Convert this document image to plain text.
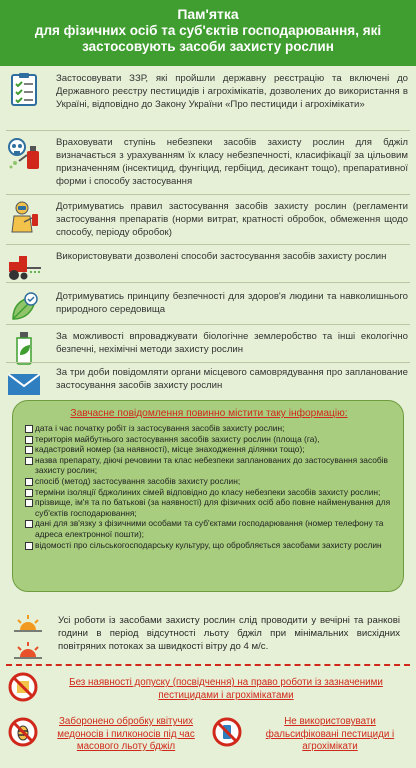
Пам'ятка
для фізичних осіб та суб'єктів господарювання, які застосовують засоби захисту рослин
Застосовувати ЗЗР, які пройшли державну реєстрацію та включені до Державного реєстру пестицидів і агрохімікатів, дозволених до використання в Україні, відповідно до Закону України «Про пестициди і агрохімікати»
Враховувати ступінь небезпеки засобів захисту рослин для бджіл визначається з урахуванням їх класу небезпечності, класифікації за цільовим призначенням (інсектицид, фунгіцид, гербіцид, десикант тощо), препаративної форми і способу застосування
Дотримуватись правил застосування засобів захисту рослин (регламенти застосування препаратів (норми витрат, кратності обробок, обмеження щодо способу, періоду обробок)
Використовувати дозволені способи застосування засобів захисту рослин
Дотримуватись принципу безпечності для здоров'я людини та навколишнього природного середовища
За можливості впроваджувати біологічне землеробство та інші екологічно безпечні, нехімічні методи захисту рослин
За три доби повідомляти органи місцевого самоврядування про запланование застосування засобів захисту рослин
Завчасне повідомлення повинно містити таку інформацію:
дата і час початку робіт із застосування засобів захисту рослин;
територія майбутнього застосування засобів захисту рослин (площа (га),
кадастровий номер (за наявності), місце знаходження ділянки тощо);
назва препарату, діючі речовини та клас небезпеки запланованих до застосування засобів захисту рослин;
спосіб (метод) застосування засобів захисту рослин;
терміни ізоляції бджолиних сімей відповідно до класу небезпеки засобів захисту рослин;
прізвище, ім'я та по батькові (за наявності) для фізичних осіб або повне найменування для суб'єктів господарювання;
дані для зв'язку з фізичними особами та суб'єктами господарювання (номер телефону та адреса електронної пошти);
відомості про сільськогосподарську культуру, що обробляється засобами захисту рослин
Усі роботи із засобами захисту рослин слід проводити у вечірні та ранкові години в період відсутності льоту бджіл при мінімальних висхідних повітряних потоках за швидкості вітру до 4 м/с.
Без наявності допуску (посвідчення) на право роботи із зазначеними пестицидами і агрохімікатами
Заборонено обробку квітучих медоносів і пилконосів під час масового льоту бджіл
Не використовувати фальсифіковані пестициди і агрохімікати
